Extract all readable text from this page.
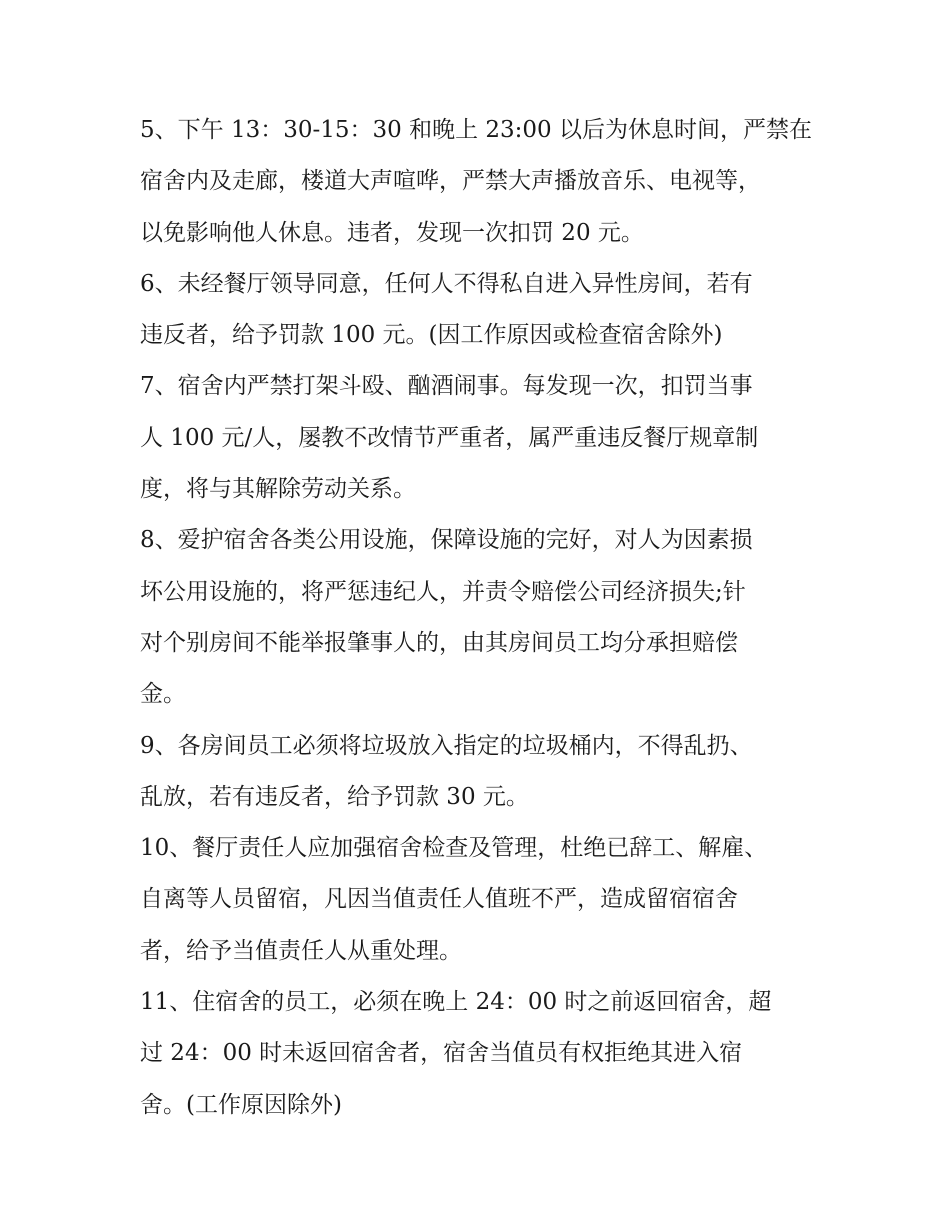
5、下午 13：30-15：30 和晚上 23:00 以后为休息时间，严禁在
宿舍内及走廊，楼道大声喧哗，严禁大声播放音乐、电视等，
以免影响他人休息。违者，发现一次扣罚 20 元。
6、未经餐厅领导同意，任何人不得私自进入异性房间，若有
违反者，给予罚款 100 元。(因工作原因或检查宿舍除外)
7、宿舍内严禁打架斗殴、酗酒闹事。每发现一次，扣罚当事
人 100 元/人，屡教不改情节严重者，属严重违反餐厅规章制
度，将与其解除劳动关系。
8、爱护宿舍各类公用设施，保障设施的完好，对人为因素损
坏公用设施的，将严惩违纪人，并责令赔偿公司经济损失;针
对个别房间不能举报肇事人的，由其房间员工均分承担赔偿
金。
9、各房间员工必须将垃圾放入指定的垃圾桶内，不得乱扔、
乱放，若有违反者，给予罚款 30 元。
10、餐厅责任人应加强宿舍检查及管理，杜绝已辞工、解雇、
自离等人员留宿，凡因当值责任人值班不严，造成留宿宿舍
者，给予当值责任人从重处理。
11、住宿舍的员工，必须在晚上 24：00 时之前返回宿舍，超
过 24：00 时未返回宿舍者，宿舍当值员有权拒绝其进入宿
舍。(工作原因除外)
